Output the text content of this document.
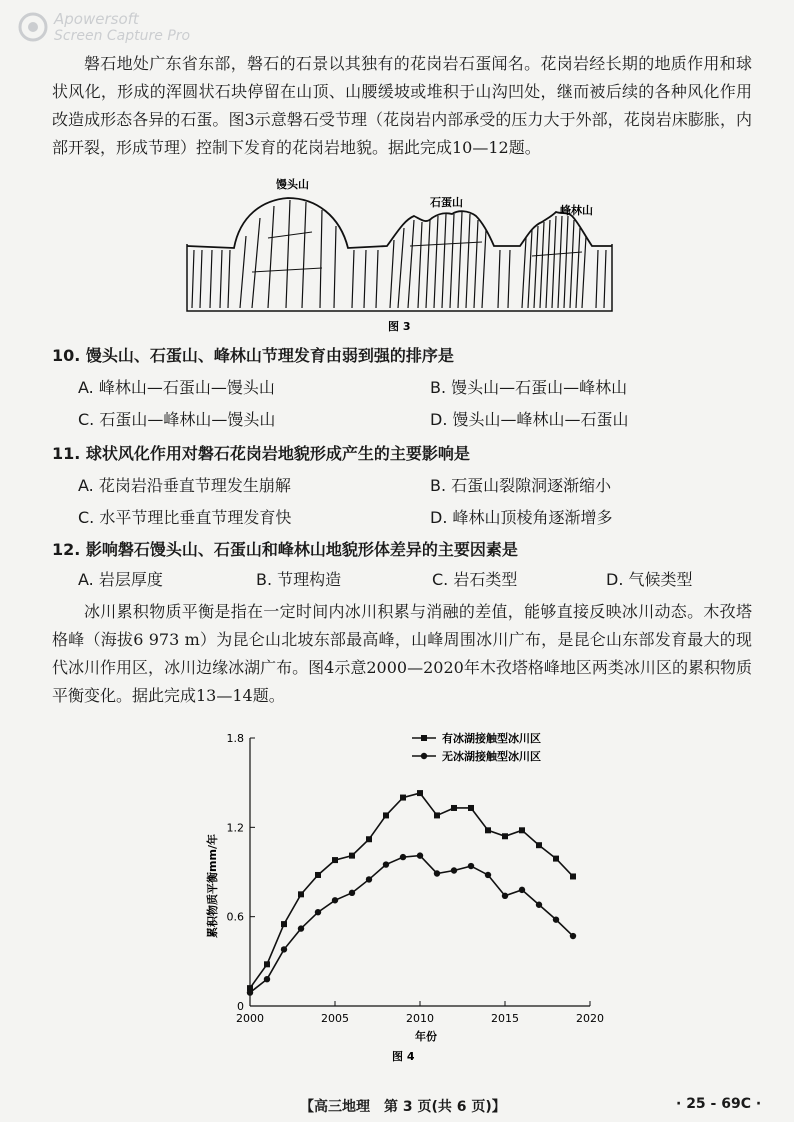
Apowersoft
Screen Capture Pro

磐石地处广东省东部，磐石的石景以其独有的花岗岩石蛋闻名。花岗岩经长期的地质作用和球状风化，形成的浑圆状石块停留在山顶、山腰缓坡或堆积于山沟凹处，继而被后续的各种风化作用改造成形态各异的石蛋。图3示意磐石受节理（花岗岩内部承受的压力大于外部，花岗岩床膨胀，内部开裂，形成节理）控制下发育的花岗岩地貌。据此完成10—12题。

馒头山
石蛋山
峰林山
图 3
10. 馒头山、石蛋山、峰林山节理发育由弱到强的排序是
A. 峰林山—石蛋山—馒头山	B. 馒头山—石蛋山—峰林山
C. 石蛋山—峰林山—馒头山	D. 馒头山—峰林山—石蛋山
11. 球状风化作用对磐石花岗岩地貌形成产生的主要影响是
A. 花岗岩沿垂直节理发生崩解	B. 石蛋山裂隙洞逐渐缩小
C. 水平节理比垂直节理发育快	D. 峰林山顶棱角逐渐增多
12. 影响磐石馒头山、石蛋山和峰林山地貌形体差异的主要因素是
A. 岩层厚度	B. 节理构造	C. 岩石类型	D. 气候类型

冰川累积物质平衡是指在一定时间内冰川积累与消融的差值，能够直接反映冰川动态。木孜塔格峰（海拔6 973 m）为昆仑山北坡东部最高峰，山峰周围冰川广布，是昆仑山东部发育最大的现代冰川作用区，冰川边缘冰湖广布。图4示意2000—2020年木孜塔格峰地区两类冰川区的累积物质平衡变化。据此完成13—14题。

0
0.6
1.2
1.8
2000	2005	2010	2015	2020
有冰湖接触型冰川区
无冰湖接触型冰川区
年份
累积物质平衡mm/年
图 4
【高三地理　第 3 页(共 6 页)】	· 25 - 69C ·
